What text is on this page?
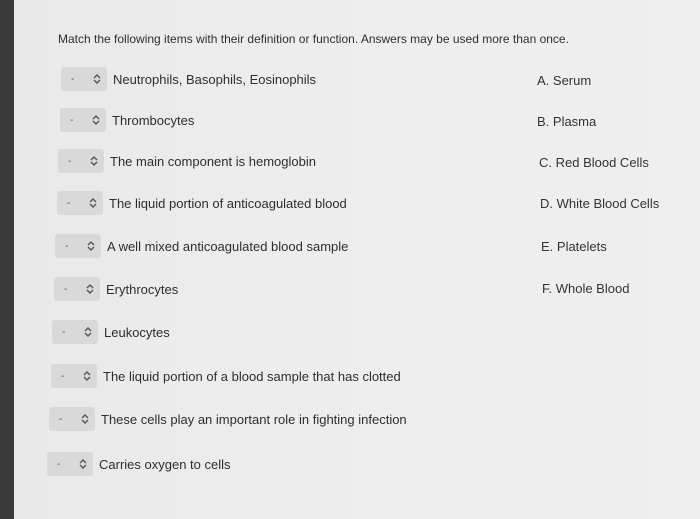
Match the following items with their definition or function. Answers may be used more than once.
-	Neutrophils, Basophils, Eosinophils
-	Thrombocytes
-	The main component is hemoglobin
-	The liquid portion of anticoagulated blood
-	A well mixed anticoagulated blood sample
-	Erythrocytes
-	Leukocytes
-	The liquid portion of a blood sample that has clotted
-	These cells play an important role in fighting infection
-	Carries oxygen to cells
A. Serum
B. Plasma
C. Red Blood Cells
D. White Blood Cells
E. Platelets
F. Whole Blood
